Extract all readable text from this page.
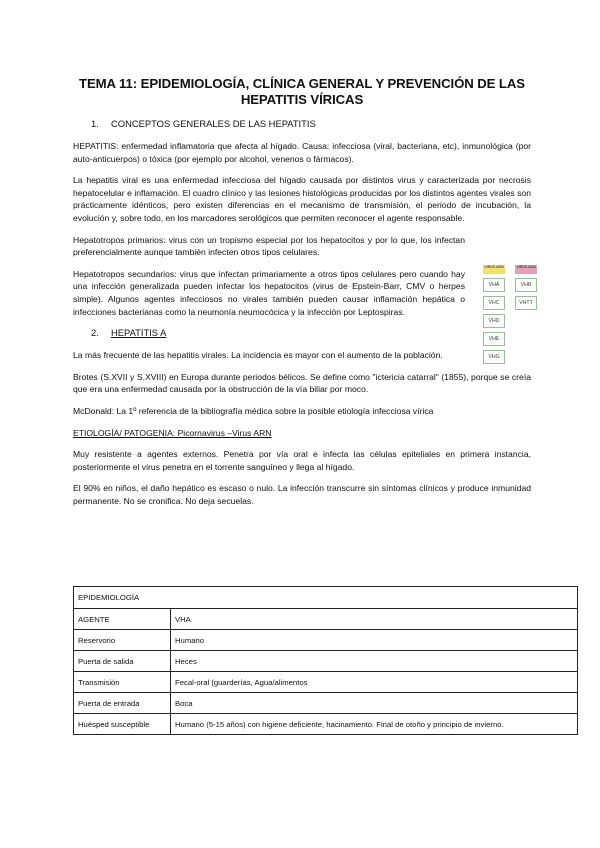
TEMA 11: EPIDEMIOLOGÍA, CLÍNICA GENERAL Y PREVENCIÓN DE LAS
HEPATITIS VÍRICAS
1. CONCEPTOS GENERALES DE LAS HEPATITIS

HEPATITIS: enfermedad inflamatoria que afecta al hígado. Causa: infecciosa (viral, bacteriana, etc), inmunológica (por auto-anticuerpos) o tóxica (por ejemplo por alcohol, venenos o fármacos).

La hepatitis viral es una enfermedad infecciosa del hígado causada por distintos virus y caracterizada por necrosis hepatocelular e inflamación. El cuadro clínico y las lesiones histológicas producidas por los distintos agentes virales son prácticamente idénticos, pero existen diferencias en el mecanismo de transmisión, el periodo de incubación, la evolución y, sobre todo, en los marcadores serológicos que permiten reconocer el agente responsable.

Hepatotropos primarios: virus con un tropismo especial por los hepatocitos y por lo que, los infectan preferencialmente aunque también infecten otros tipos celulares.

Hepatotropos secundarios: virus que infectan primariamente a otros tipos celulares pero cuando hay una infección generalizada pueden infectar los hepatocitos (virus de Epstein-Barr, CMV o herpes simple). Algunos agentes infecciosos no virales también pueden causar inflamación hepática o infecciones bacterianas como la neumonía neumocócica y la infección por Leptospiras.

VIRUS ARN
VHA
VHC
VHD
VHE
VHG
VIRUS ADN
VHB
VHTT
2. HEPATITIS A

La más frecuente de las hepatitis virales. La incidencia es mayor con el aumento de la población.

Brotes (S.XVII y S.XVIII) en Europa durante periodos bélicos. Se define como "ictericia catarral" (1855), porque se creía que era una enfermedad causada por la obstrucción de la vía biliar por moco.

McDonald: La 1º referencia de la bibliografía médica sobre la posible etiología infecciosa vírica

ETIOLOGÍA/ PATOGENIA: Picornavirus –Virus ARN

Muy resistente a agentes externos. Penetra por vía oral e infecta las células epiteliales en primera instancia, posteriormente el virus penetra en el torrente sanguíneo y llega al hígado.

El 90% en niños, el daño hepático es escaso o nulo. La infección transcurre sin síntomas clínicos y produce inmunidad permanente. No se cronifica. No deja secuelas.

EPIDEMIOLOGÍA	
AGENTE	VHA
Reservorio	Humano
Puerta de salida	Heces
Transmisión	Fecal-oral (guarderías, Agua/alimentos
Puerta de entrada	Boca
Huésped susceptible	Humano (5-15 años) con higiene deficiente, hacinamiento. Final de otoño y principio de invierno.
